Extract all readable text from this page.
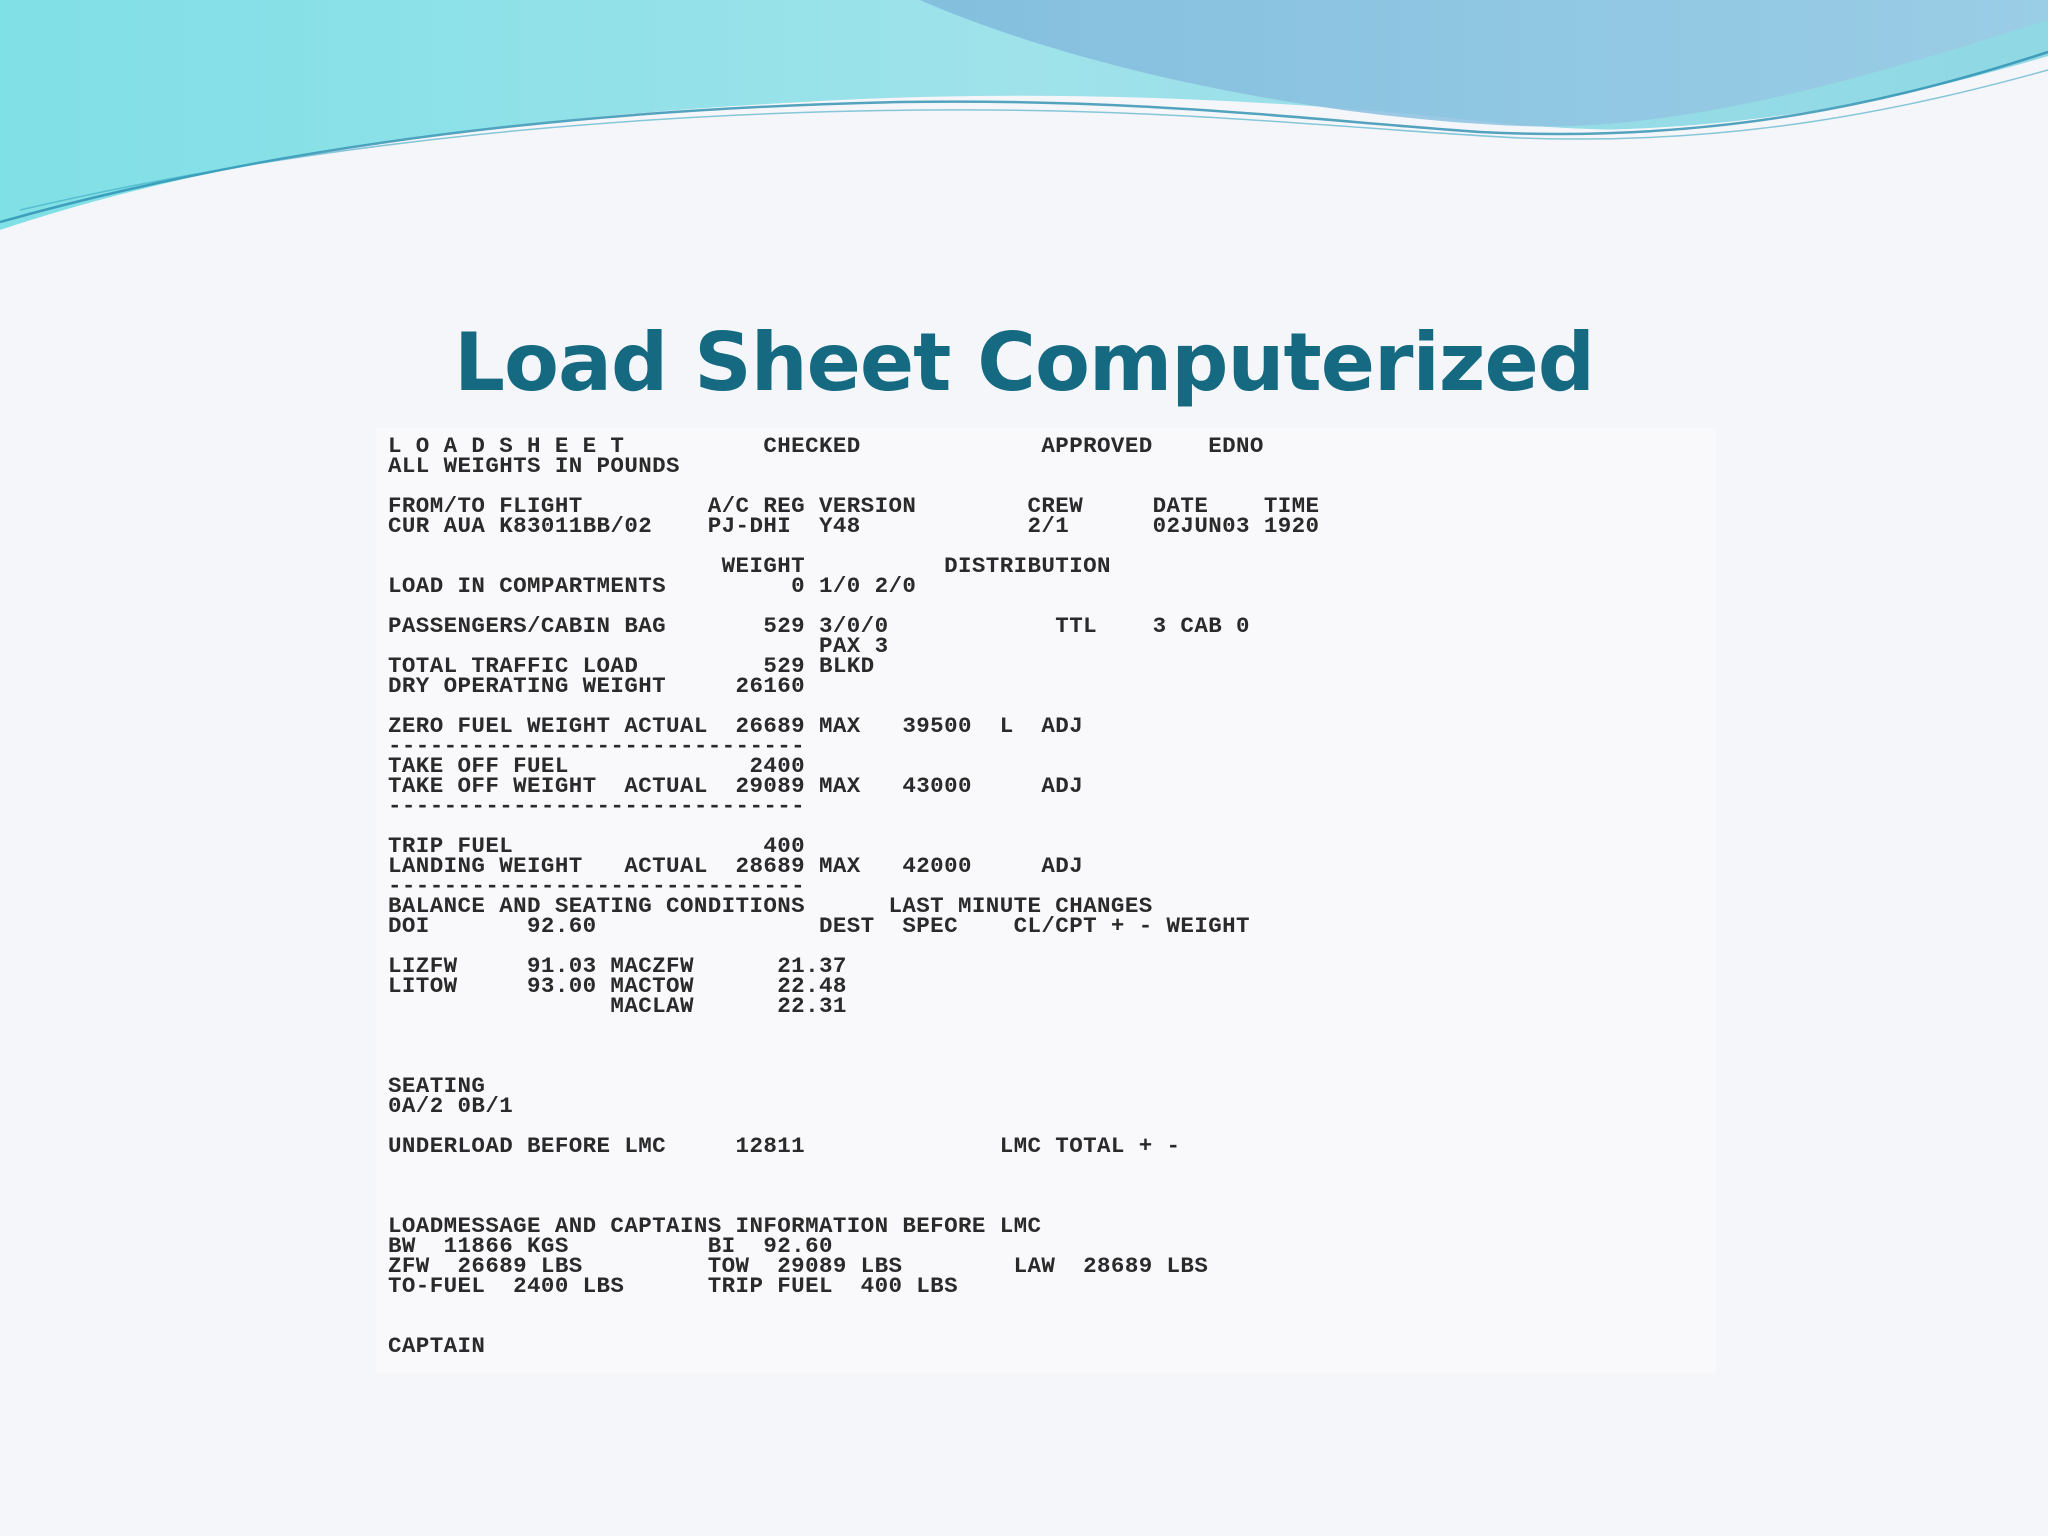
Load Sheet Computerized
L O A D S H E E T          CHECKED             APPROVED    EDNO
ALL WEIGHTS IN POUNDS
FROM/TO FLIGHT         A/C REG VERSION        CREW     DATE    TIME
CUR AUA K83011BB/02    PJ-DHI  Y48            2/1      02JUN03 1920
WEIGHT          DISTRIBUTION
LOAD IN COMPARTMENTS         0 1/0 2/0
PASSENGERS/CABIN BAG       529 3/0/0            TTL    3 CAB 0
PAX 3
TOTAL TRAFFIC LOAD         529 BLKD
DRY OPERATING WEIGHT     26160
ZERO FUEL WEIGHT ACTUAL  26689 MAX   39500  L  ADJ
------------------------------
TAKE OFF FUEL             2400
TAKE OFF WEIGHT  ACTUAL  29089 MAX   43000     ADJ
------------------------------
TRIP FUEL                  400
LANDING WEIGHT   ACTUAL  28689 MAX   42000     ADJ
------------------------------
BALANCE AND SEATING CONDITIONS      LAST MINUTE CHANGES
DOI       92.60                DEST  SPEC    CL/CPT + - WEIGHT
LIZFW     91.03 MACZFW      21.37
LITOW     93.00 MACTOW      22.48
MACLAW      22.31
SEATING
0A/2 0B/1
UNDERLOAD BEFORE LMC     12811              LMC TOTAL + -
LOADMESSAGE AND CAPTAINS INFORMATION BEFORE LMC
BW  11866 KGS          BI  92.60
ZFW  26689 LBS         TOW  29089 LBS        LAW  28689 LBS
TO-FUEL  2400 LBS      TRIP FUEL  400 LBS
CAPTAIN
